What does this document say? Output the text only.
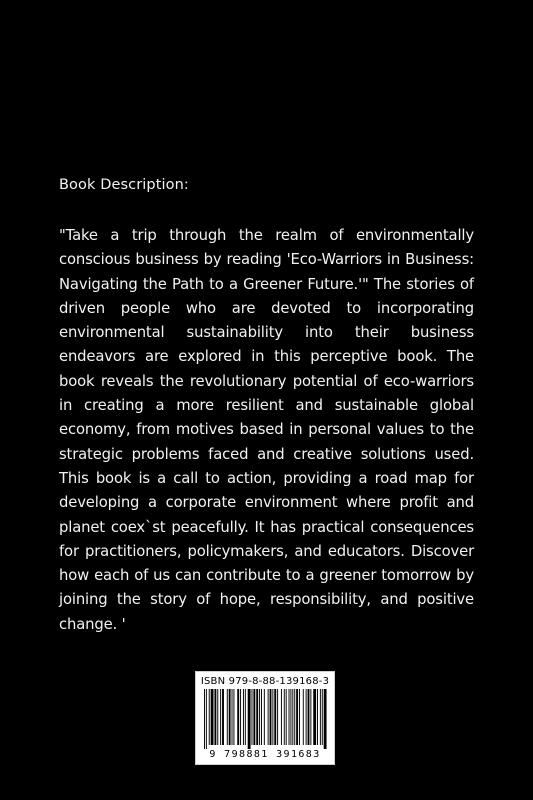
Book Description:

"Take a trip through the realm of environmentally conscious business by reading 'Eco-Warriors in Business: Navigating the Path to a Greener Future.'" The stories of driven people who are devoted to incorporating environmental sustainability into their business endeavors are explored in this perceptive book. The book reveals the revolutionary potential of eco-warriors in creating a more resilient and sustainable global economy, from motives based in personal values to the strategic problems faced and creative solutions used. This book is a call to action, providing a road map for developing a corporate environment where profit and planet coex`st peacefully. It has practical consequences for practitioners, policymakers, and educators. Discover how each of us can contribute to a greener tomorrow by joining the story of hope, responsibility, and positive change. '

ISBN 979-8-88-139168-3
9 798881 391683
